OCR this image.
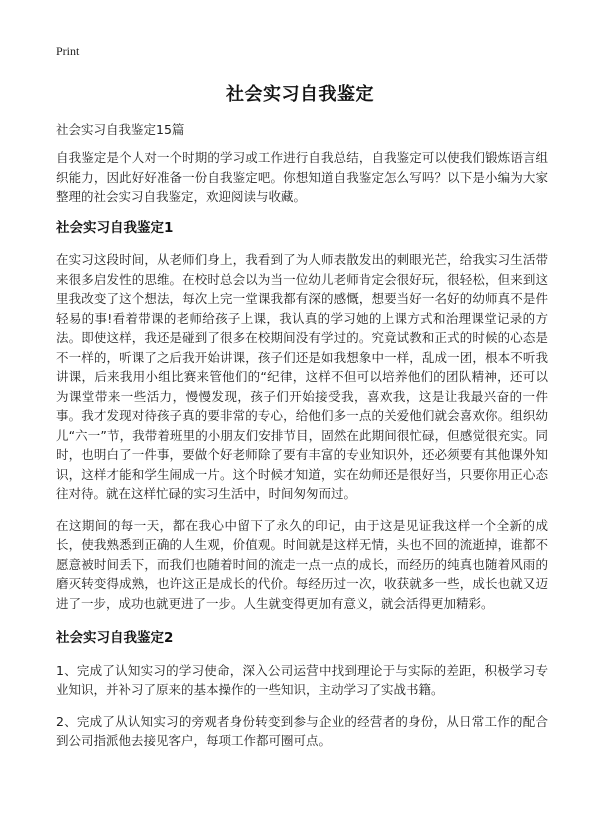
Print
社会实习自我鉴定
社会实习自我鉴定15篇

自我鉴定是个人对一个时期的学习或工作进行自我总结，自我鉴定可以使我们锻炼语言组织能力，因此好好准备一份自我鉴定吧。你想知道自我鉴定怎么写吗？以下是小编为大家整理的社会实习自我鉴定，欢迎阅读与收藏。

社会实习自我鉴定1

在实习这段时间，从老师们身上，我看到了为人师表散发出的刺眼光芒，给我实习生活带来很多启发性的思维。在校时总会以为当一位幼儿老师肯定会很好玩，很轻松，但来到这里我改变了这个想法，每次上完一堂课我都有深的感慨，想要当好一名好的幼师真不是件轻易的事!看着带课的老师给孩子上课，我认真的学习她的上课方式和治理课堂记录的方法。即使这样，我还是碰到了很多在校期间没有学过的。究竟试教和正式的时候的心态是不一样的，听课了之后我开始讲课，孩子们还是如我想象中一样，乱成一团，根本不听我讲课，后来我用小组比赛来管他们的“纪律，这样不但可以培养他们的团队精神，还可以为课堂带来一些活力，慢慢发现，孩子们开始接受我，喜欢我，这是让我最兴奋的一件事。我才发现对待孩子真的要非常的专心，给他们多一点的关爱他们就会喜欢你。组织幼儿“六一”节，我带着班里的小朋友们安排节目，固然在此期间很忙碌，但感觉很充实。同时，也明白了一件事，要做个好老师除了要有丰富的专业知识外，还必须要有其他课外知识，这样才能和学生闹成一片。这个时候才知道，实在幼师还是很好当，只要你用正心态往对待。就在这样忙碌的实习生活中，时间匆匆而过。

在这期间的每一天，都在我心中留下了永久的印记，由于这是见证我这样一个全新的成长，使我熟悉到正确的人生观，价值观。时间就是这样无情，头也不回的流逝掉，谁都不愿意被时间丢下，而我们也随着时间的流走一点一点的成长，而经历的纯真也随着风雨的磨灭转变得成熟，也许这正是成长的代价。每经历过一次，收获就多一些，成长也就又迈进了一步，成功也就更进了一步。人生就变得更加有意义，就会活得更加精彩。

社会实习自我鉴定2

1、完成了认知实习的学习使命，深入公司运营中找到理论于与实际的差距，积极学习专业知识，并补习了原来的基本操作的一些知识，主动学习了实战书籍。

2、完成了从认知实习的旁观者身份转变到参与企业的经营者的身份，从日常工作的配合到公司指派他去接见客户，每项工作都可圈可点。
